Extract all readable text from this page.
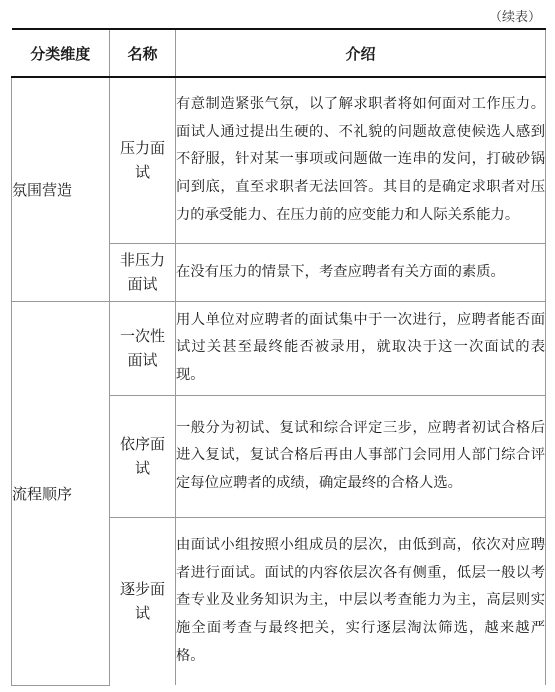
（续表）
分类维度	名称	介绍
氛围营造	压力面试	有意制造紧张气氛，以了解求职者将如何面对工作压力。面试人通过提出生硬的、不礼貌的问题故意使候选人感到不舒服，针对某一事项或问题做一连串的发问，打破砂锅问到底，直至求职者无法回答。其目的是确定求职者对压力的承受能力、在压力前的应变能力和人际关系能力。
	非压力面试	在没有压力的情景下，考查应聘者有关方面的素质。
流程顺序	一次性面试	用人单位对应聘者的面试集中于一次进行，应聘者能否面试过关甚至最终能否被录用，就取决于这一次面试的表现。
	依序面试	一般分为初试、复试和综合评定三步，应聘者初试合格后进入复试，复试合格后再由人事部门会同用人部门综合评定每位应聘者的成绩，确定最终的合格人选。
	逐步面试	由面试小组按照小组成员的层次，由低到高，依次对应聘者进行面试。面试的内容依层次各有侧重，低层一般以考查专业及业务知识为主，中层以考查能力为主，高层则实施全面考查与最终把关，实行逐层淘汰筛选，越来越严格。
